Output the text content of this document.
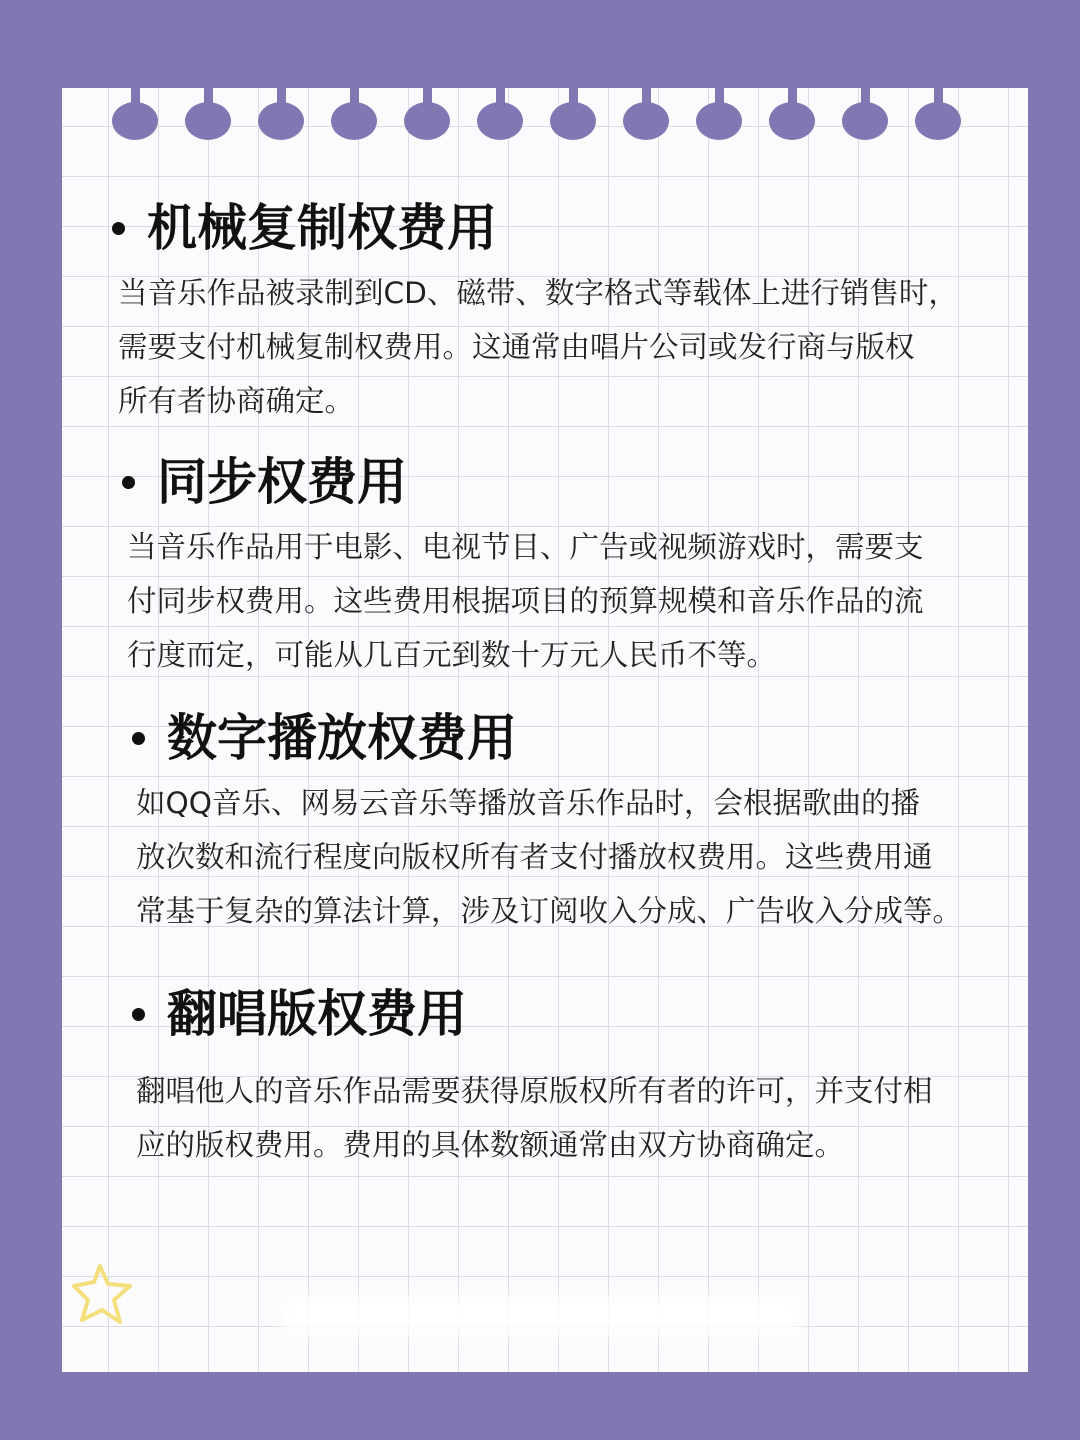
机械复制权费用
当音乐作品被录制到CD、磁带、数字格式等载体上进行销售时，
需要支付机械复制权费用。这通常由唱片公司或发行商与版权
所有者协商确定。
同步权费用
当音乐作品用于电影、电视节目、广告或视频游戏时，需要支
付同步权费用。这些费用根据项目的预算规模和音乐作品的流
行度而定，可能从几百元到数十万元人民币不等。
数字播放权费用
如QQ音乐、网易云音乐等播放音乐作品时，会根据歌曲的播
放次数和流行程度向版权所有者支付播放权费用。这些费用通
常基于复杂的算法计算，涉及订阅收入分成、广告收入分成等。
翻唱版权费用
翻唱他人的音乐作品需要获得原版权所有者的许可，并支付相
应的版权费用。费用的具体数额通常由双方协商确定。
